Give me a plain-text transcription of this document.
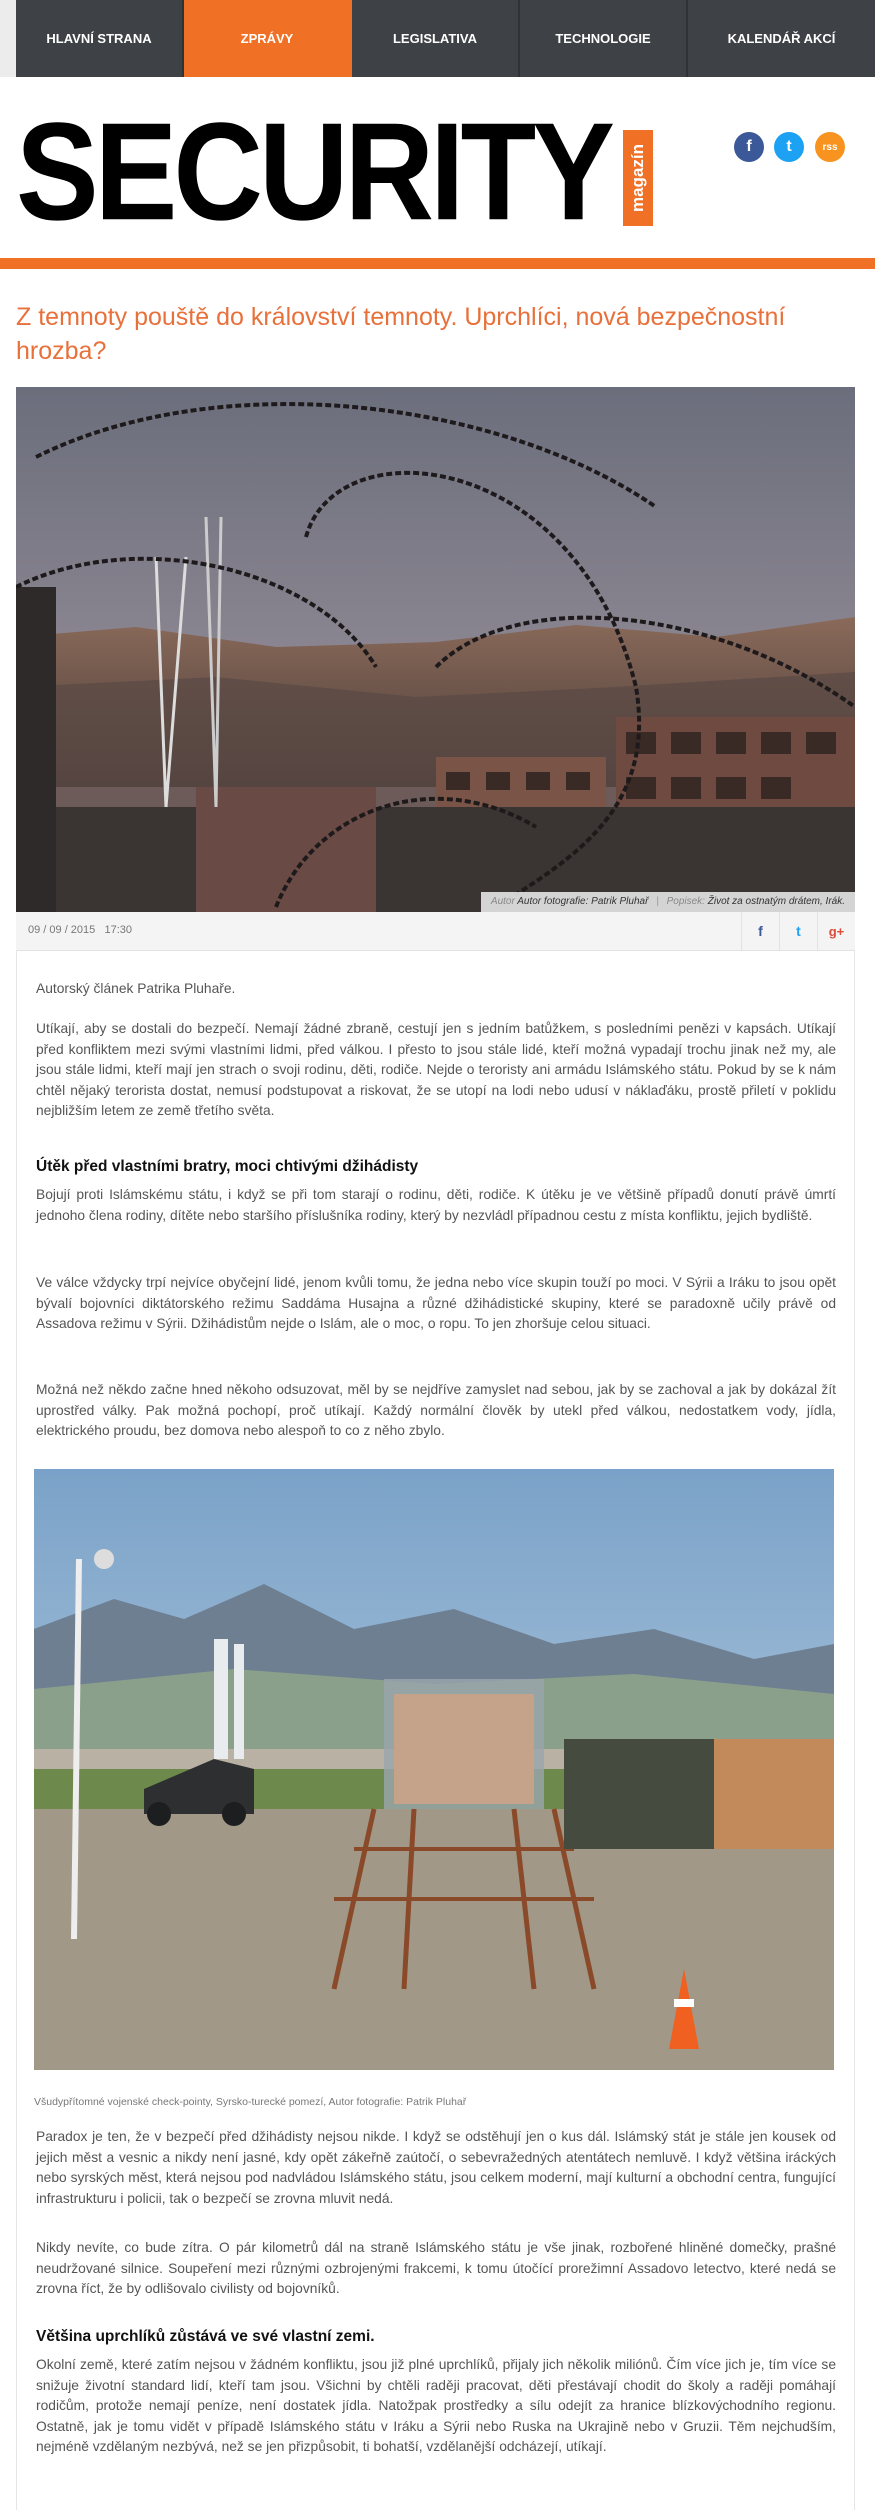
HLAVNÍ STRANA	ZPRÁVY	LEGISLATIVA	TECHNOLOGIE	KALENDÁŘ AKCÍ
SECURITY magazín	f	t	rss
Z temnoty pouště do království temnoty. Uprchlíci, nová bezpečnostní hrozba?
Autor Autor fotografie: Patrik Pluhař | Popisek: Život za ostnatým drátem, Irák.
09 / 09 / 2015 17:30	f	t	g+

Autorský článek Patrika Pluhaře.

Utíkají, aby se dostali do bezpečí. Nemají žádné zbraně, cestují jen s jedním batůžkem, s posledními penězi v kapsách. Utíkají před konfliktem mezi svými vlastními lidmi, před válkou. I přesto to jsou stále lidé, kteří možná vypadají trochu jinak než my, ale jsou stále lidmi, kteří mají jen strach o svoji rodinu, děti, rodiče. Nejde o teroristy ani armádu Islámského státu. Pokud by se k nám chtěl nějaký terorista dostat, nemusí podstupovat a riskovat, že se utopí na lodi nebo udusí v náklaďáku, prostě přiletí v poklidu nejbližším letem ze země třetího světa.

Útěk před vlastními bratry, moci chtivými džihádisty

Bojují proti Islámskému státu, i když se při tom starají o rodinu, děti, rodiče. K útěku je ve většině případů donutí právě úmrtí jednoho člena rodiny, dítěte nebo staršího příslušníka rodiny, který by nezvládl případnou cestu z místa konfliktu, jejich bydliště.

Ve válce vždycky trpí nejvíce obyčejní lidé, jenom kvůli tomu, že jedna nebo více skupin touží po moci. V Sýrii a Iráku to jsou opět bývalí bojovníci diktátorského režimu Saddáma Husajna a různé džihádistické skupiny, které se paradoxně učily právě od Assadova režimu v Sýrii. Džihádistům nejde o Islám, ale o moc, o ropu. To jen zhoršuje celou situaci.

Možná než někdo začne hned někoho odsuzovat, měl by se nejdříve zamyslet nad sebou, jak by se zachoval a jak by dokázal žít uprostřed války. Pak možná pochopí, proč utíkají. Každý normální člověk by utekl před válkou, nedostatkem vody, jídla, elektrického proudu, bez domova nebo alespoň to co z něho zbylo.

Všudypřítomné vojenské check-pointy, Syrsko-turecké pomezí, Autor fotografie: Patrik Pluhař

Paradox je ten, že v bezpečí před džihádisty nejsou nikde. I když se odstěhují jen o kus dál. Islámský stát je stále jen kousek od jejich měst a vesnic a nikdy není jasné, kdy opět zákeřně zaútočí, o sebevražedných atentátech nemluvě. I když většina iráckých nebo syrských měst, která nejsou pod nadvládou Islámského státu, jsou celkem moderní, mají kulturní a obchodní centra, fungující infrastrukturu i policii, tak o bezpečí se zrovna mluvit nedá.

Nikdy nevíte, co bude zítra. O pár kilometrů dál na straně Islámského státu je vše jinak, rozbořené hliněné domečky, prašné neudržované silnice. Soupeření mezi různými ozbrojenými frakcemi, k tomu útočící prorežimní Assadovo letectvo, které nedá se zrovna říct, že by odlišovalo civilisty od bojovníků.

Většina uprchlíků zůstává ve své vlastní zemi.

Okolní země, které zatím nejsou v žádném konfliktu, jsou již plné uprchlíků, přijaly jich několik miliónů. Čím více jich je, tím více se snižuje životní standard lidí, kteří tam jsou. Všichni by chtěli raději pracovat, děti přestávají chodit do školy a raději pomáhají rodičům, protože nemají peníze, není dostatek jídla. Natožpak prostředky a sílu odejít za hranice blízkovýchodního regionu. Ostatně, jak je tomu vidět v případě Islámského státu v Iráku a Sýrii nebo Ruska na Ukrajině nebo v Gruzii. Těm nejchudším, nejméně vzdělaným nezbývá, než se jen přizpůsobit, ti bohatší, vzdělanější odcházejí, utíkají.
